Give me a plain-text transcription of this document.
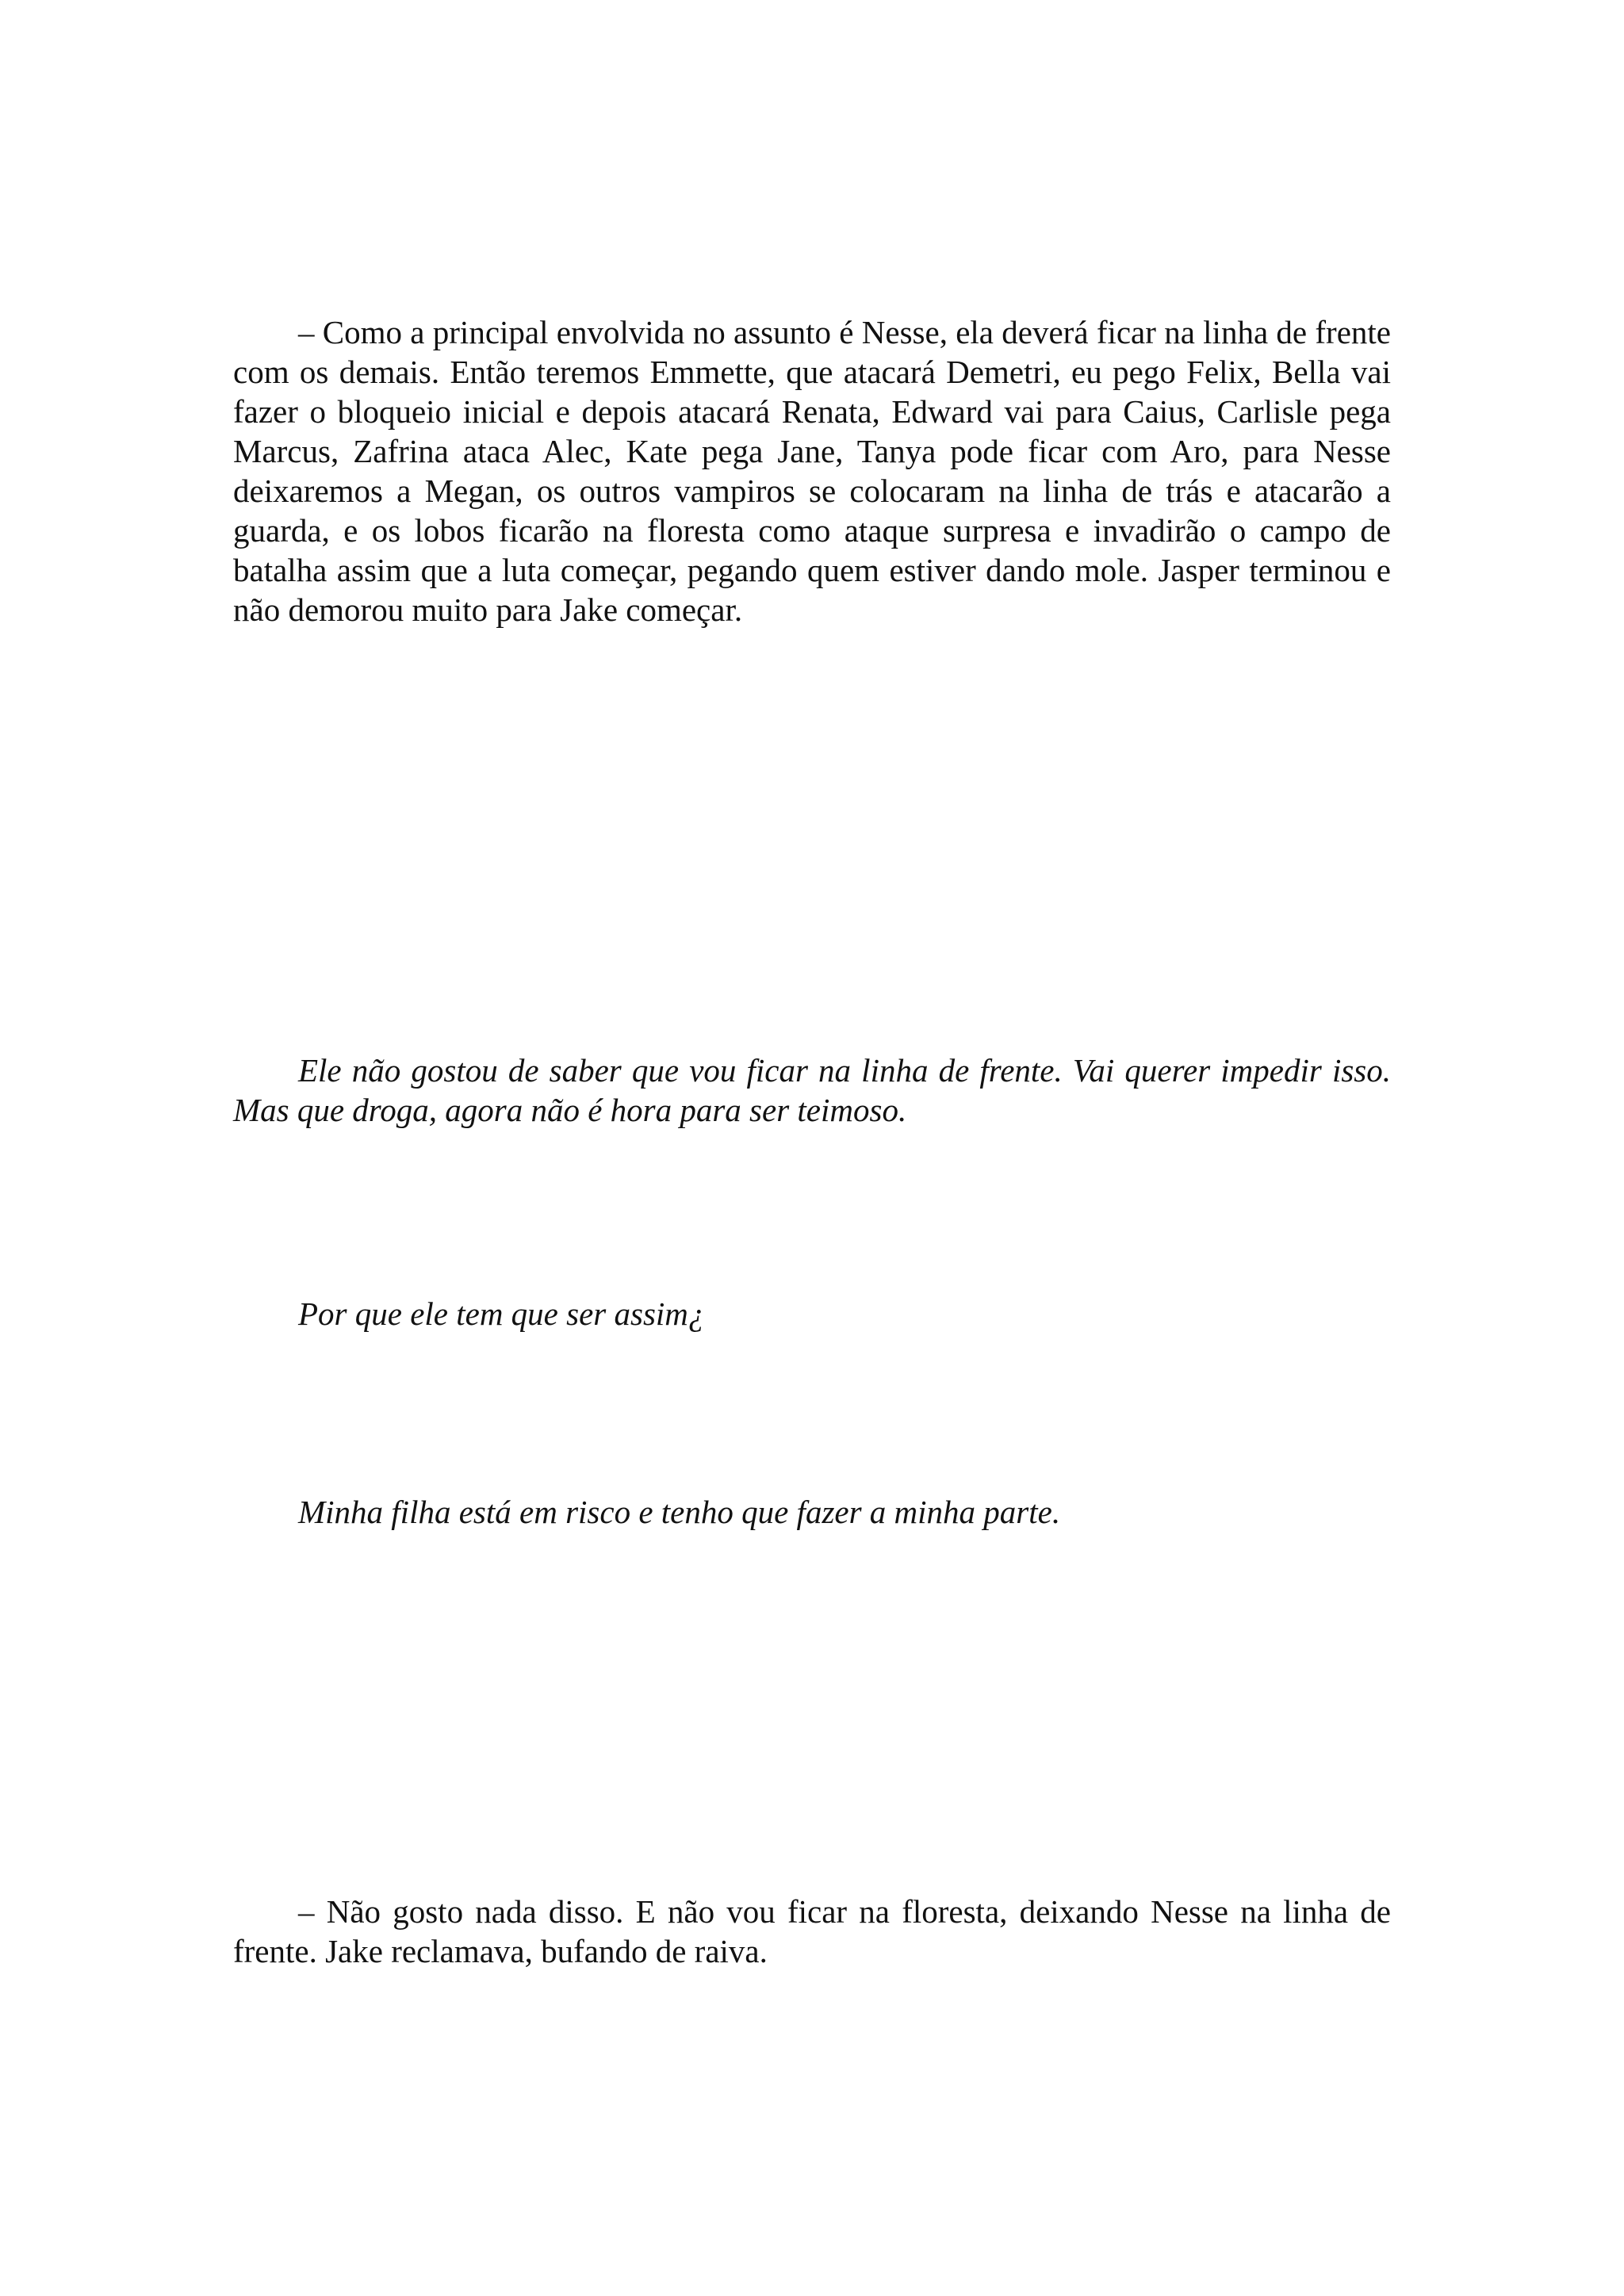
– Como a principal envolvida no assunto é Nesse, ela deverá ficar na linha de frente com os demais. Então teremos Emmette, que atacará Demetri, eu pego Felix, Bella vai fazer o bloqueio inicial e depois atacará Renata, Edward vai para Caius, Carlisle pega Marcus, Zafrina ataca Alec, Kate pega Jane, Tanya pode ficar com Aro, para Nesse deixaremos a Megan, os outros vampiros se colocaram na linha de trás e atacarão a guarda, e os lobos ficarão na floresta como ataque surpresa e invadirão o campo de batalha assim que a luta começar, pegando quem estiver dando mole. Jasper terminou e não demorou muito para Jake começar.

Ele não gostou de saber que vou ficar na linha de frente. Vai querer impedir isso. Mas que droga, agora não é hora para ser teimoso.

Por que ele tem que ser assim¿

Minha filha está em risco e tenho que fazer a minha parte.

– Não gosto nada disso. E não vou ficar na floresta, deixando Nesse na linha de frente. Jake reclamava, bufando de raiva.
